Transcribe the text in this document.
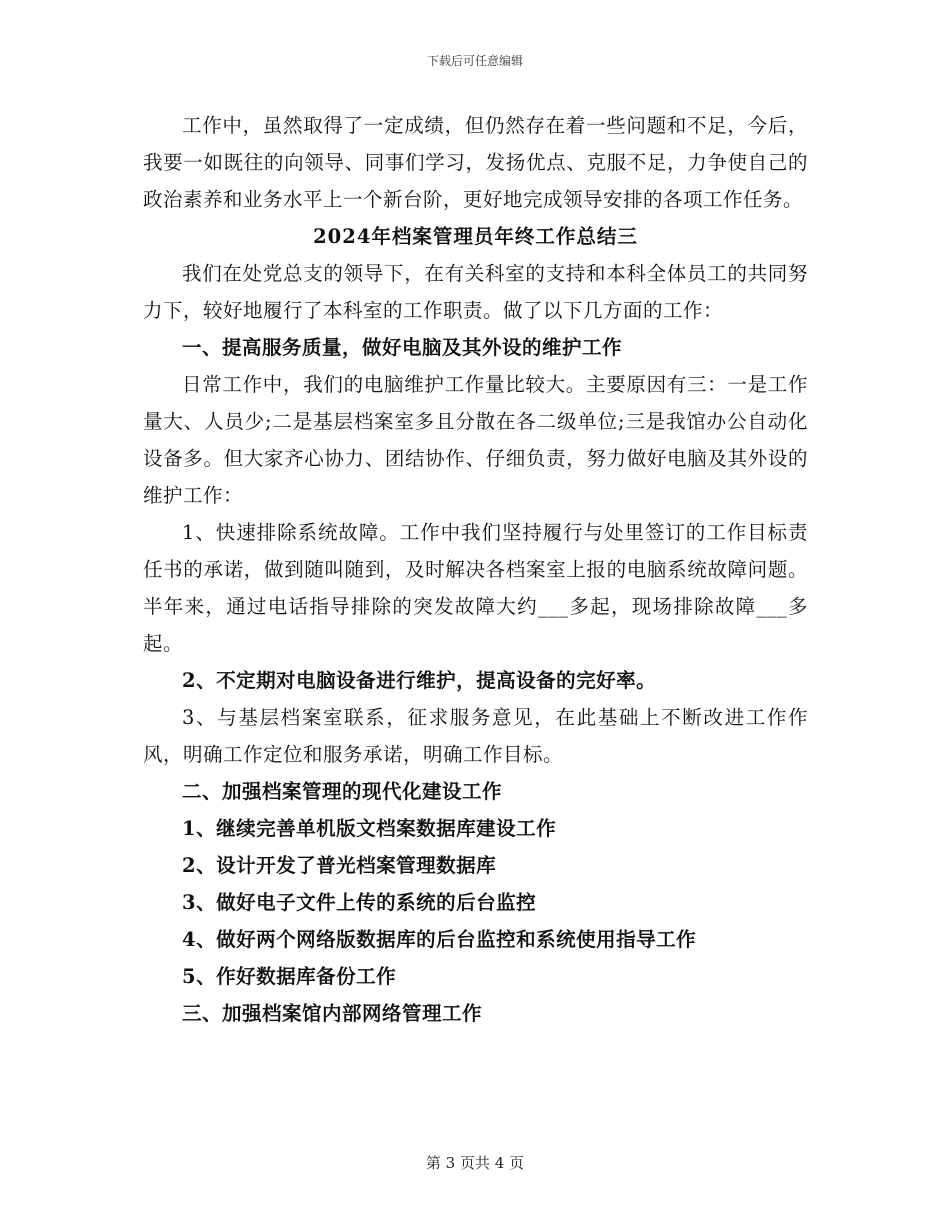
下载后可任意编辑

工作中，虽然取得了一定成绩，但仍然存在着一些问题和不足，今后，我要一如既往的向领导、同事们学习，发扬优点、克服不足，力争使自己的政治素养和业务水平上一个新台阶，更好地完成领导安排的各项工作任务。

2024年档案管理员年终工作总结三

我们在处党总支的领导下，在有关科室的支持和本科全体员工的共同努力下，较好地履行了本科室的工作职责。做了以下几方面的工作：

一、提高服务质量，做好电脑及其外设的维护工作

日常工作中，我们的电脑维护工作量比较大。主要原因有三：一是工作量大、人员少;二是基层档案室多且分散在各二级单位;三是我馆办公自动化设备多。但大家齐心协力、团结协作、仔细负责，努力做好电脑及其外设的维护工作：

1、快速排除系统故障。工作中我们坚持履行与处里签订的工作目标责任书的承诺，做到随叫随到，及时解决各档案室上报的电脑系统故障问题。半年来，通过电话指导排除的突发故障大约___多起，现场排除故障___多起。

2、不定期对电脑设备进行维护，提高设备的完好率。

3、与基层档案室联系，征求服务意见，在此基础上不断改进工作作风，明确工作定位和服务承诺，明确工作目标。

二、加强档案管理的现代化建设工作

1、继续完善单机版文档案数据库建设工作

2、设计开发了普光档案管理数据库

3、做好电子文件上传的系统的后台监控

4、做好两个网络版数据库的后台监控和系统使用指导工作

5、作好数据库备份工作

三、加强档案馆内部网络管理工作

第 3 页共 4 页
